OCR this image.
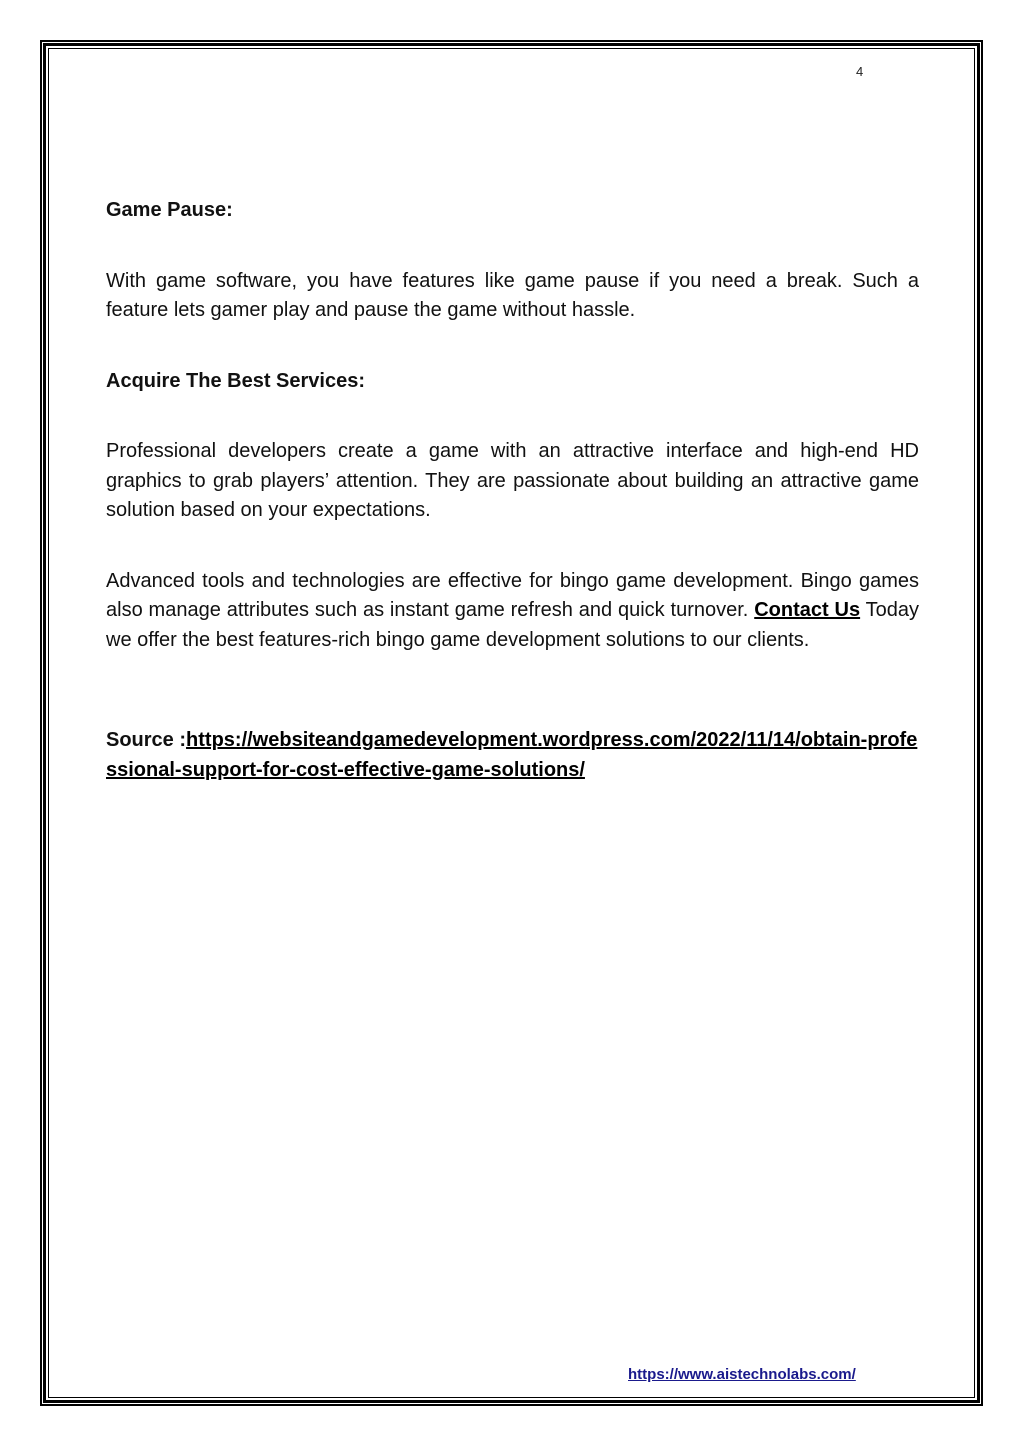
4
Game Pause:

With game software, you have features like game pause if you need a break. Such a feature lets gamer play and pause the game without hassle.

Acquire The Best Services:

Professional developers create a game with an attractive interface and high-end HD graphics to grab players’ attention. They are passionate about building an attractive game solution based on your expectations.

Advanced tools and technologies are effective for bingo game development. Bingo games also manage attributes such as instant game refresh and quick turnover. Contact Us Today we offer the best features-rich bingo game development solutions to our clients.

Source :https://websiteandgamedevelopment.wordpress.com/2022/11/14/obtain-professional-support-for-cost-effective-game-solutions/
https://www.aistechnolabs.com/
